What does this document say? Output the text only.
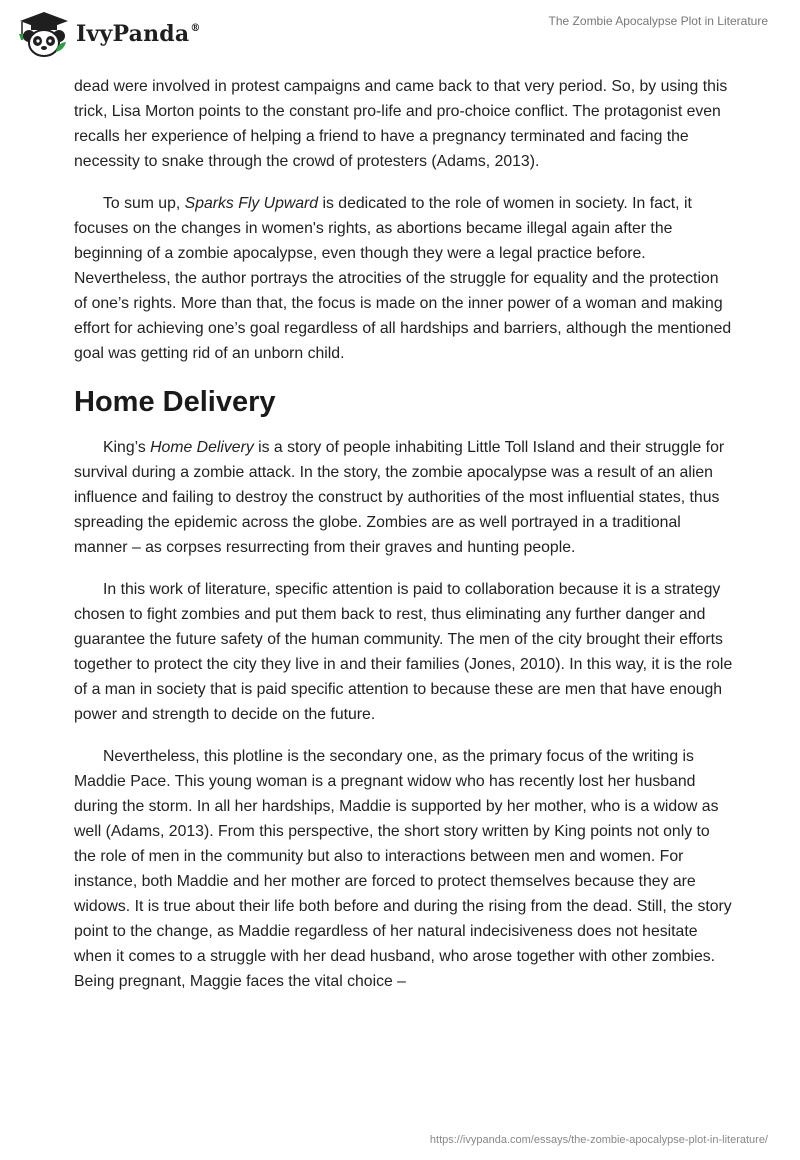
IvyPanda®
The Zombie Apocalypse Plot in Literature

dead were involved in protest campaigns and came back to that very period. So, by using this trick, Lisa Morton points to the constant pro-life and pro-choice conflict. The protagonist even recalls her experience of helping a friend to have a pregnancy terminated and facing the necessity to snake through the crowd of protesters (Adams, 2013).

To sum up, Sparks Fly Upward is dedicated to the role of women in society. In fact, it focuses on the changes in women's rights, as abortions became illegal again after the beginning of a zombie apocalypse, even though they were a legal practice before. Nevertheless, the author portrays the atrocities of the struggle for equality and the protection of one’s rights. More than that, the focus is made on the inner power of a woman and making effort for achieving one’s goal regardless of all hardships and barriers, although the mentioned goal was getting rid of an unborn child.

Home Delivery

King’s Home Delivery is a story of people inhabiting Little Toll Island and their struggle for survival during a zombie attack. In the story, the zombie apocalypse was a result of an alien influence and failing to destroy the construct by authorities of the most influential states, thus spreading the epidemic across the globe. Zombies are as well portrayed in a traditional manner – as corpses resurrecting from their graves and hunting people.

In this work of literature, specific attention is paid to collaboration because it is a strategy chosen to fight zombies and put them back to rest, thus eliminating any further danger and guarantee the future safety of the human community. The men of the city brought their efforts together to protect the city they live in and their families (Jones, 2010). In this way, it is the role of a man in society that is paid specific attention to because these are men that have enough power and strength to decide on the future.

Nevertheless, this plotline is the secondary one, as the primary focus of the writing is Maddie Pace. This young woman is a pregnant widow who has recently lost her husband during the storm. In all her hardships, Maddie is supported by her mother, who is a widow as well (Adams, 2013). From this perspective, the short story written by King points not only to the role of men in the community but also to interactions between men and women. For instance, both Maddie and her mother are forced to protect themselves because they are widows. It is true about their life both before and during the rising from the dead. Still, the story point to the change, as Maddie regardless of her natural indecisiveness does not hesitate when it comes to a struggle with her dead husband, who arose together with other zombies. Being pregnant, Maggie faces the vital choice –

https://ivypanda.com/essays/the-zombie-apocalypse-plot-in-literature/
